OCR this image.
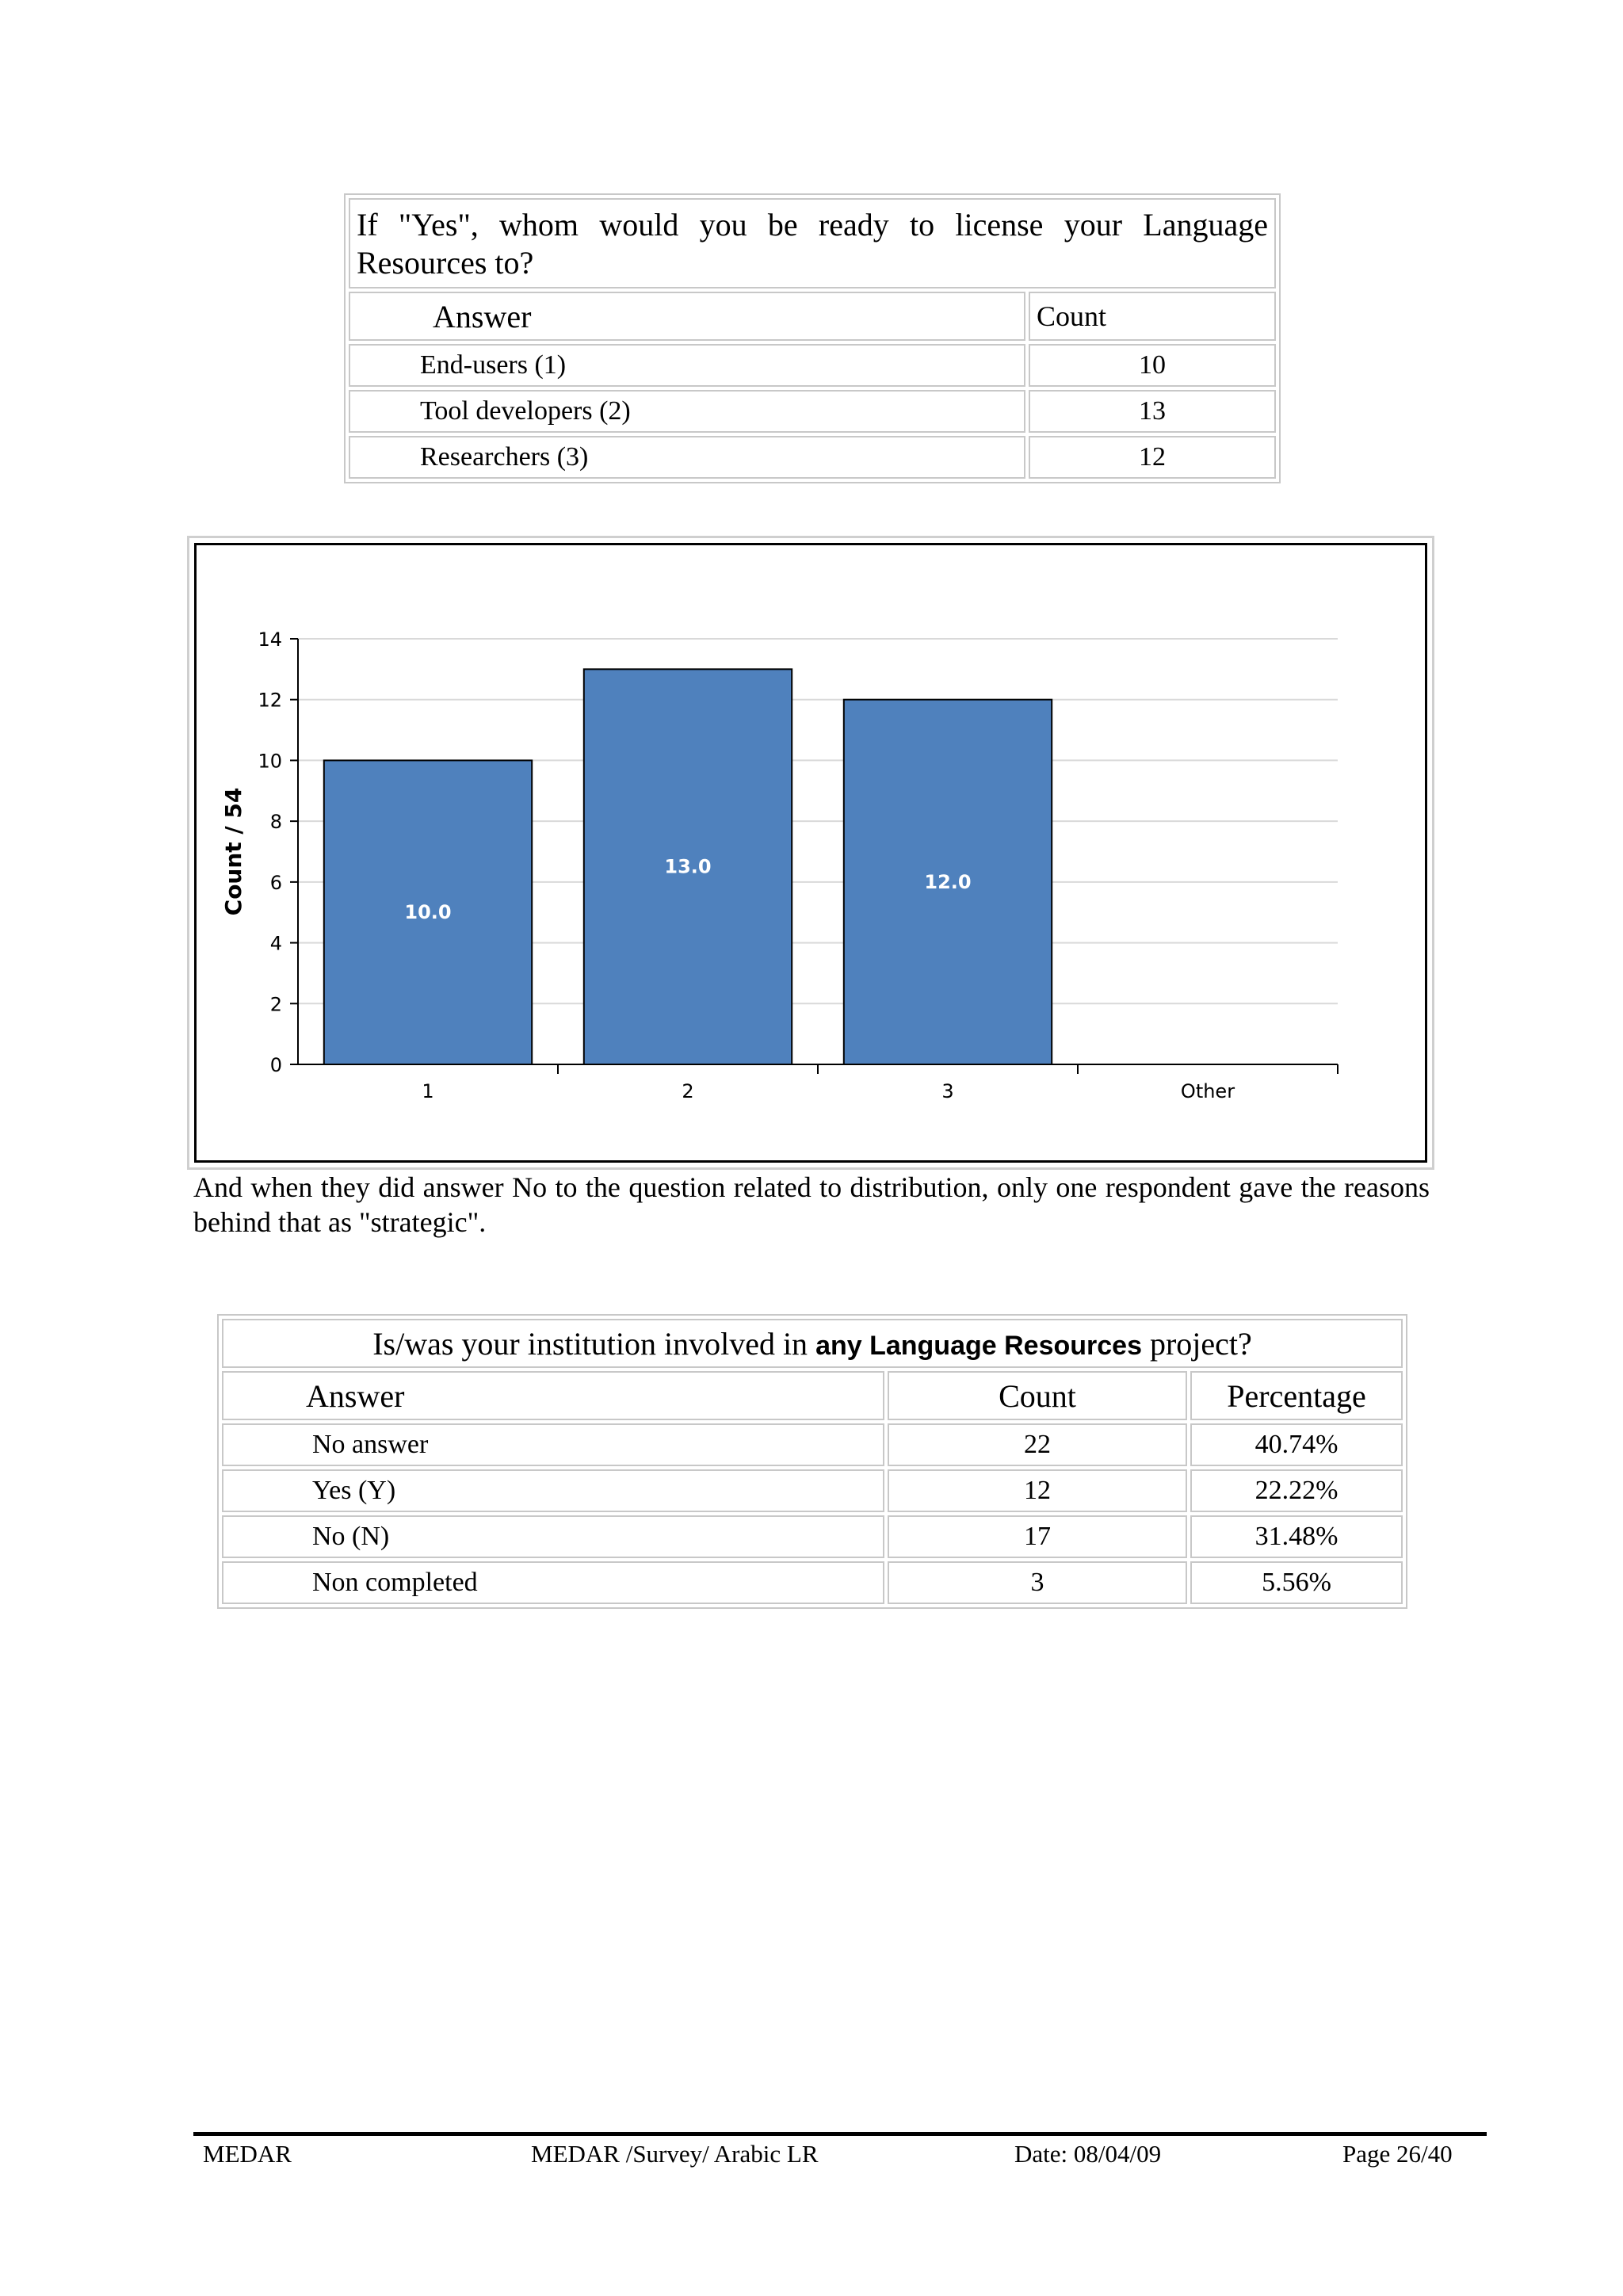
If "Yes", whom would you be ready to license your Language Resources to?	
Answer	Count
End-users (1)	10
Tool developers (2)	13
Researchers (3)	12
0
2
4
6
8
10
12
14
10.0
1
13.0
2
12.0
3	Other
Count / 54

And when they did answer No to the question related to distribution, only one respondent gave the reasons behind that as "strategic".

Is/was your institution involved in any Language Resources project?		
Answer	Count	Percentage
No answer	22	40.74%
Yes (Y)	12	22.22%
No (N)	17	31.48%
Non completed	3	5.56%
MEDAR	MEDAR /Survey/ Arabic LR	Date: 08/04/09	Page 26/40
